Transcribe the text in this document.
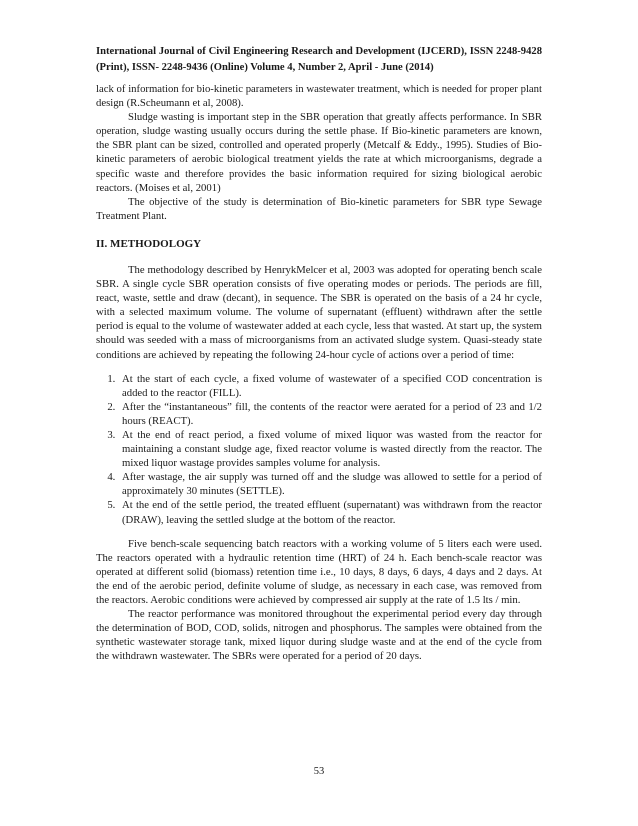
International Journal of Civil Engineering Research and Development (IJCERD), ISSN 2248-9428 (Print), ISSN- 2248-9436 (Online) Volume 4, Number 2, April - June (2014)

lack of information for bio-kinetic parameters in wastewater treatment, which is needed for proper plant design (R.Scheumann et al, 2008).

Sludge wasting is important step in the SBR operation that greatly affects performance. In SBR operation, sludge wasting usually occurs during the settle phase. If Bio-kinetic parameters are known, the SBR plant can be sized, controlled and operated properly (Metcalf & Eddy., 1995). Studies of Bio-kinetic parameters of aerobic biological treatment yields the rate at which microorganisms, degrade a specific waste and therefore provides the basic information required for sizing biological aerobic reactors. (Moises et al, 2001)

The objective of the study is determination of Bio-kinetic parameters for SBR type Sewage Treatment Plant.

II. METHODOLOGY

The methodology described by HenrykMelcer et al, 2003 was adopted for operating bench scale SBR. A single cycle SBR operation consists of five operating modes or periods. The periods are fill, react, waste, settle and draw (decant), in sequence. The SBR is operated on the basis of a 24 hr cycle, with a selected maximum volume. The volume of supernatant (effluent) withdrawn after the settle period is equal to the volume of wastewater added at each cycle, less that wasted. At start up, the system should was seeded with a mass of microorganisms from an activated sludge system. Quasi-steady state conditions are achieved by repeating the following 24-hour cycle of actions over a period of time:

1. At the start of each cycle, a fixed volume of wastewater of a specified COD concentration is added to the reactor (FILL).
2. After the “instantaneous” fill, the contents of the reactor were aerated for a period of 23 and 1/2 hours (REACT).
3. At the end of react period, a fixed volume of mixed liquor was wasted from the reactor for maintaining a constant sludge age, fixed reactor volume is wasted directly from the reactor. The mixed liquor wastage provides samples volume for analysis.
4. After wastage, the air supply was turned off and the sludge was allowed to settle for a period of approximately 30 minutes (SETTLE).
5. At the end of the settle period, the treated effluent (supernatant) was withdrawn from the reactor (DRAW), leaving the settled sludge at the bottom of the reactor.

Five bench-scale sequencing batch reactors with a working volume of 5 liters each were used. The reactors operated with a hydraulic retention time (HRT) of 24 h. Each bench-scale reactor was operated at different solid (biomass) retention time i.e., 10 days, 8 days, 6 days, 4 days and 2 days. At the end of the aerobic period, definite volume of sludge, as necessary in each case, was removed from the reactors. Aerobic conditions were achieved by compressed air supply at the rate of 1.5 lts / min.

The reactor performance was monitored throughout the experimental period every day through the determination of BOD, COD, solids, nitrogen and phosphorus. The samples were obtained from the synthetic wastewater storage tank, mixed liquor during sludge waste and at the end of the cycle from the withdrawn wastewater. The SBRs were operated for a period of 20 days.

53
